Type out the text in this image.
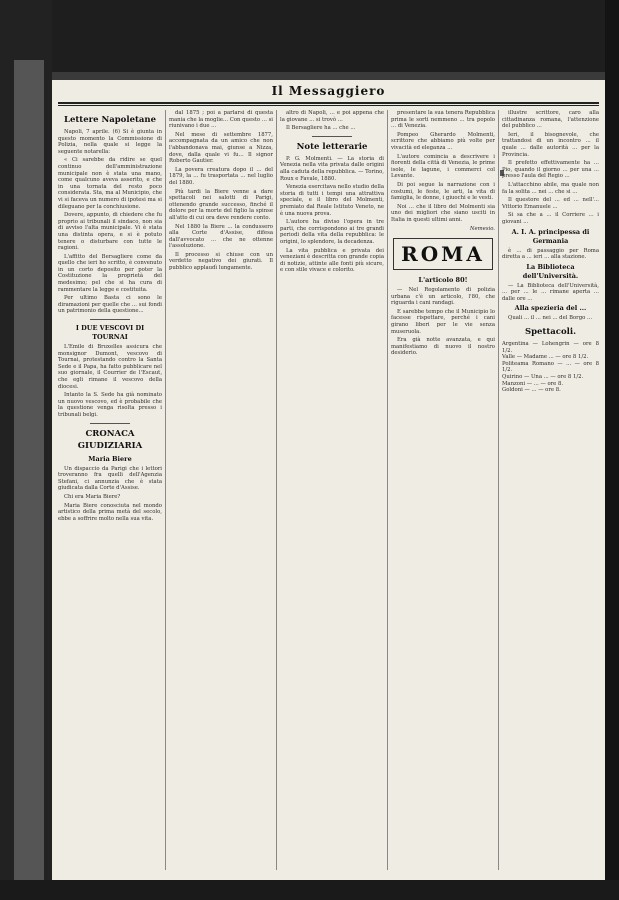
Il Messaggiero
Lettere Napoletane
Napoli, 7 aprile. (6) Si è giunta in questo momento la Commissione di Polizia, nella quale si legge la seguente notarella:
« Ci sarebbe da ridire se quel continuo dell'amministrazione municipale non è stata una mano, come qualcuno aveva asserito, e che in una tornata del resto poco considerata. Sta, ma al Municipio, che vi si faceva un numero di ipotesi ma si dileguano per la conchiusione.
Dovere, appunto, di chiedere che fu proprio ai tribunali il sindaco, non sia di avviso l'alta municipale. Vi è stata una distinta opera, e si è potuto tenere o disturbare con tutte le ragioni.
L'affitto del Bersagliere come da quello che ieri ho scritto, è convenuto in un corto deposito per poter la Costituzione la proprietà del medesimo; pel che si ha cura di rammentare la legge e costituita.
Per ultimo Basta ci sono le diramazioni per quelle che ... sui fondi un patrimonio della questione...
I DUE VESCOVI DI TOURNAI
L'Emile di Bruxelles assicura che monsignor Dumont, vescovo di Tournai, protestando contro la Santa Sede e il Papa, ha fatto pubblicare nel suo giornale, il Courrier de l'Escaut, che egli rimane il vescovo della diocesi.
Intanto la S. Sede ha già nominato un nuovo vescovo, ed è probabile che la questione venga risolta presso i tribunali belgi.
CRONACA GIUDIZIARIA
Maria Biere
Un dispaccio da Parigi che i lettori troveranno fra quelli dell'Agenzia Stefani, ci annunzia che è stata giudicata dalla Corte d'Assise.
Chi era Maria Biere?
Maria Biere conosciuta nel mondo artistico della prima metà del secolo, ebbe a soffrire molto nella sua vita.
dal 1875 ; poi a parlarsi di questa mania che la moglie... Con questo ... si riunivano i due ...
Nel mese di settembre 1877, accompagnata da un amico che non l'abbandonava mai, giunse a Nizza, dove, dalla quale vi fu... Il signor Roberto Gautier.
La povera creatura dopo il ... del 1879, la ... fu trasportata ... nel luglio del 1880.
Più tardi la Biere venne a dare spettacoli nei salotti di Parigi, ottenendo grande successo, finché il dolore per la morte del figlio la spinse all'atto di cui ora deve rendere conto.
Nel 1880 la Biere ... la condussero alla Corte d'Assise, difesa dall'avvocato ... che ne ottenne l'assoluzione.
Il processo si chiuse con un verdetto negativo dei giurati. Il pubblico applaudì lungamente.
altro di Napoli, ... e poi appena che la giovane ... si trovò ...
Il Bersagliere ha ... che ...
Note letterarie
P. G. Molmenti. — La storia di Venezia nella vita privata dalle origini alla caduta della repubblica. — Torino, Roux e Favale, 1880.
Venezia esercitava nello studio della storia di tutti i tempi una attrattiva speciale, e il libro del Molmenti, premiato dal Reale Istituto Veneto, ne è una nuova prova.
L'autore ha diviso l'opera in tre parti, che corrispondono ai tre grandi periodi della vita della repubblica: le origini, lo splendore, la decadenza.
La vita pubblica e privata dei veneziani è descritta con grande copia di notizie, attinte alle fonti più sicure, e con stile vivace e colorito.
presentare la sua tenera Repubblica prima le sorti nemmeno ... tra popolo ... di Venezia.
Pompeo Gherardo Molmenti, scrittore che abbiamo più volte per vivacità ed eleganza ...
L'autore comincia a descrivere i fiorenti della città di Venezia, le prime isole, le lagune, i commerci col Levante.
Di poi segue la narrazione con i costumi, le feste, le arti, la vita di famiglia, le donne, i giuochi e le vesti.
Noi ... che il libro del Molmenti sia uno dei migliori che siano usciti in Italia in questi ultimi anni.
Nemesio.
ROMA
L'articolo 80!
— Nel Regolamento di polizia urbana c'è un articolo, l'80, che riguarda i cani randagi.
E sarebbe tempo che il Municipio lo facesse rispettare, perché i cani girano liberi per le vie senza museruola.
Era già notte avanzata, e qui manifestiamo di nuovo il nostro desiderio.
illustre scrittore, caro alla cittadinanza romana, l'attenzione del pubblico ...
Ieri, il bisognevole, che trattandosi di un incontro ... il quale ... dalle autorità ... per la Provincia.
Il prefetto effettivamente ha ... Pio, quando il giorno ... per una ... presso l'aula del Regio ...
L'attacchino abile, ma quale non fa la solita ... nei ... che si ...
Il questore del ... ed ... nell'... Vittorio Emanuele ...
Si sa che a ... il Corriere ... i giovani ...
A. I. A. principessa di Germania
è ... di passaggio per Roma diretta a ... ieri ... alla stazione.
La Biblioteca dell'Università.
— La Biblioteca dell'Università, ... per ... le ... rimane aperta ... dalle ore ...
Alla spezieria del ...
Quali ... il ... nei ... del Borgo ...
Spettacoli.
Argentina — Lohengrin — ore 8 1/2.
Valle — Madame ... — ore 8 1/2.
Politeama Romano — ... — ore 8 1/2.
Quirino — Una ... — ore 8 1/2.
Manzoni — ... — ore 8.
Goldoni — ... — ore 8.
